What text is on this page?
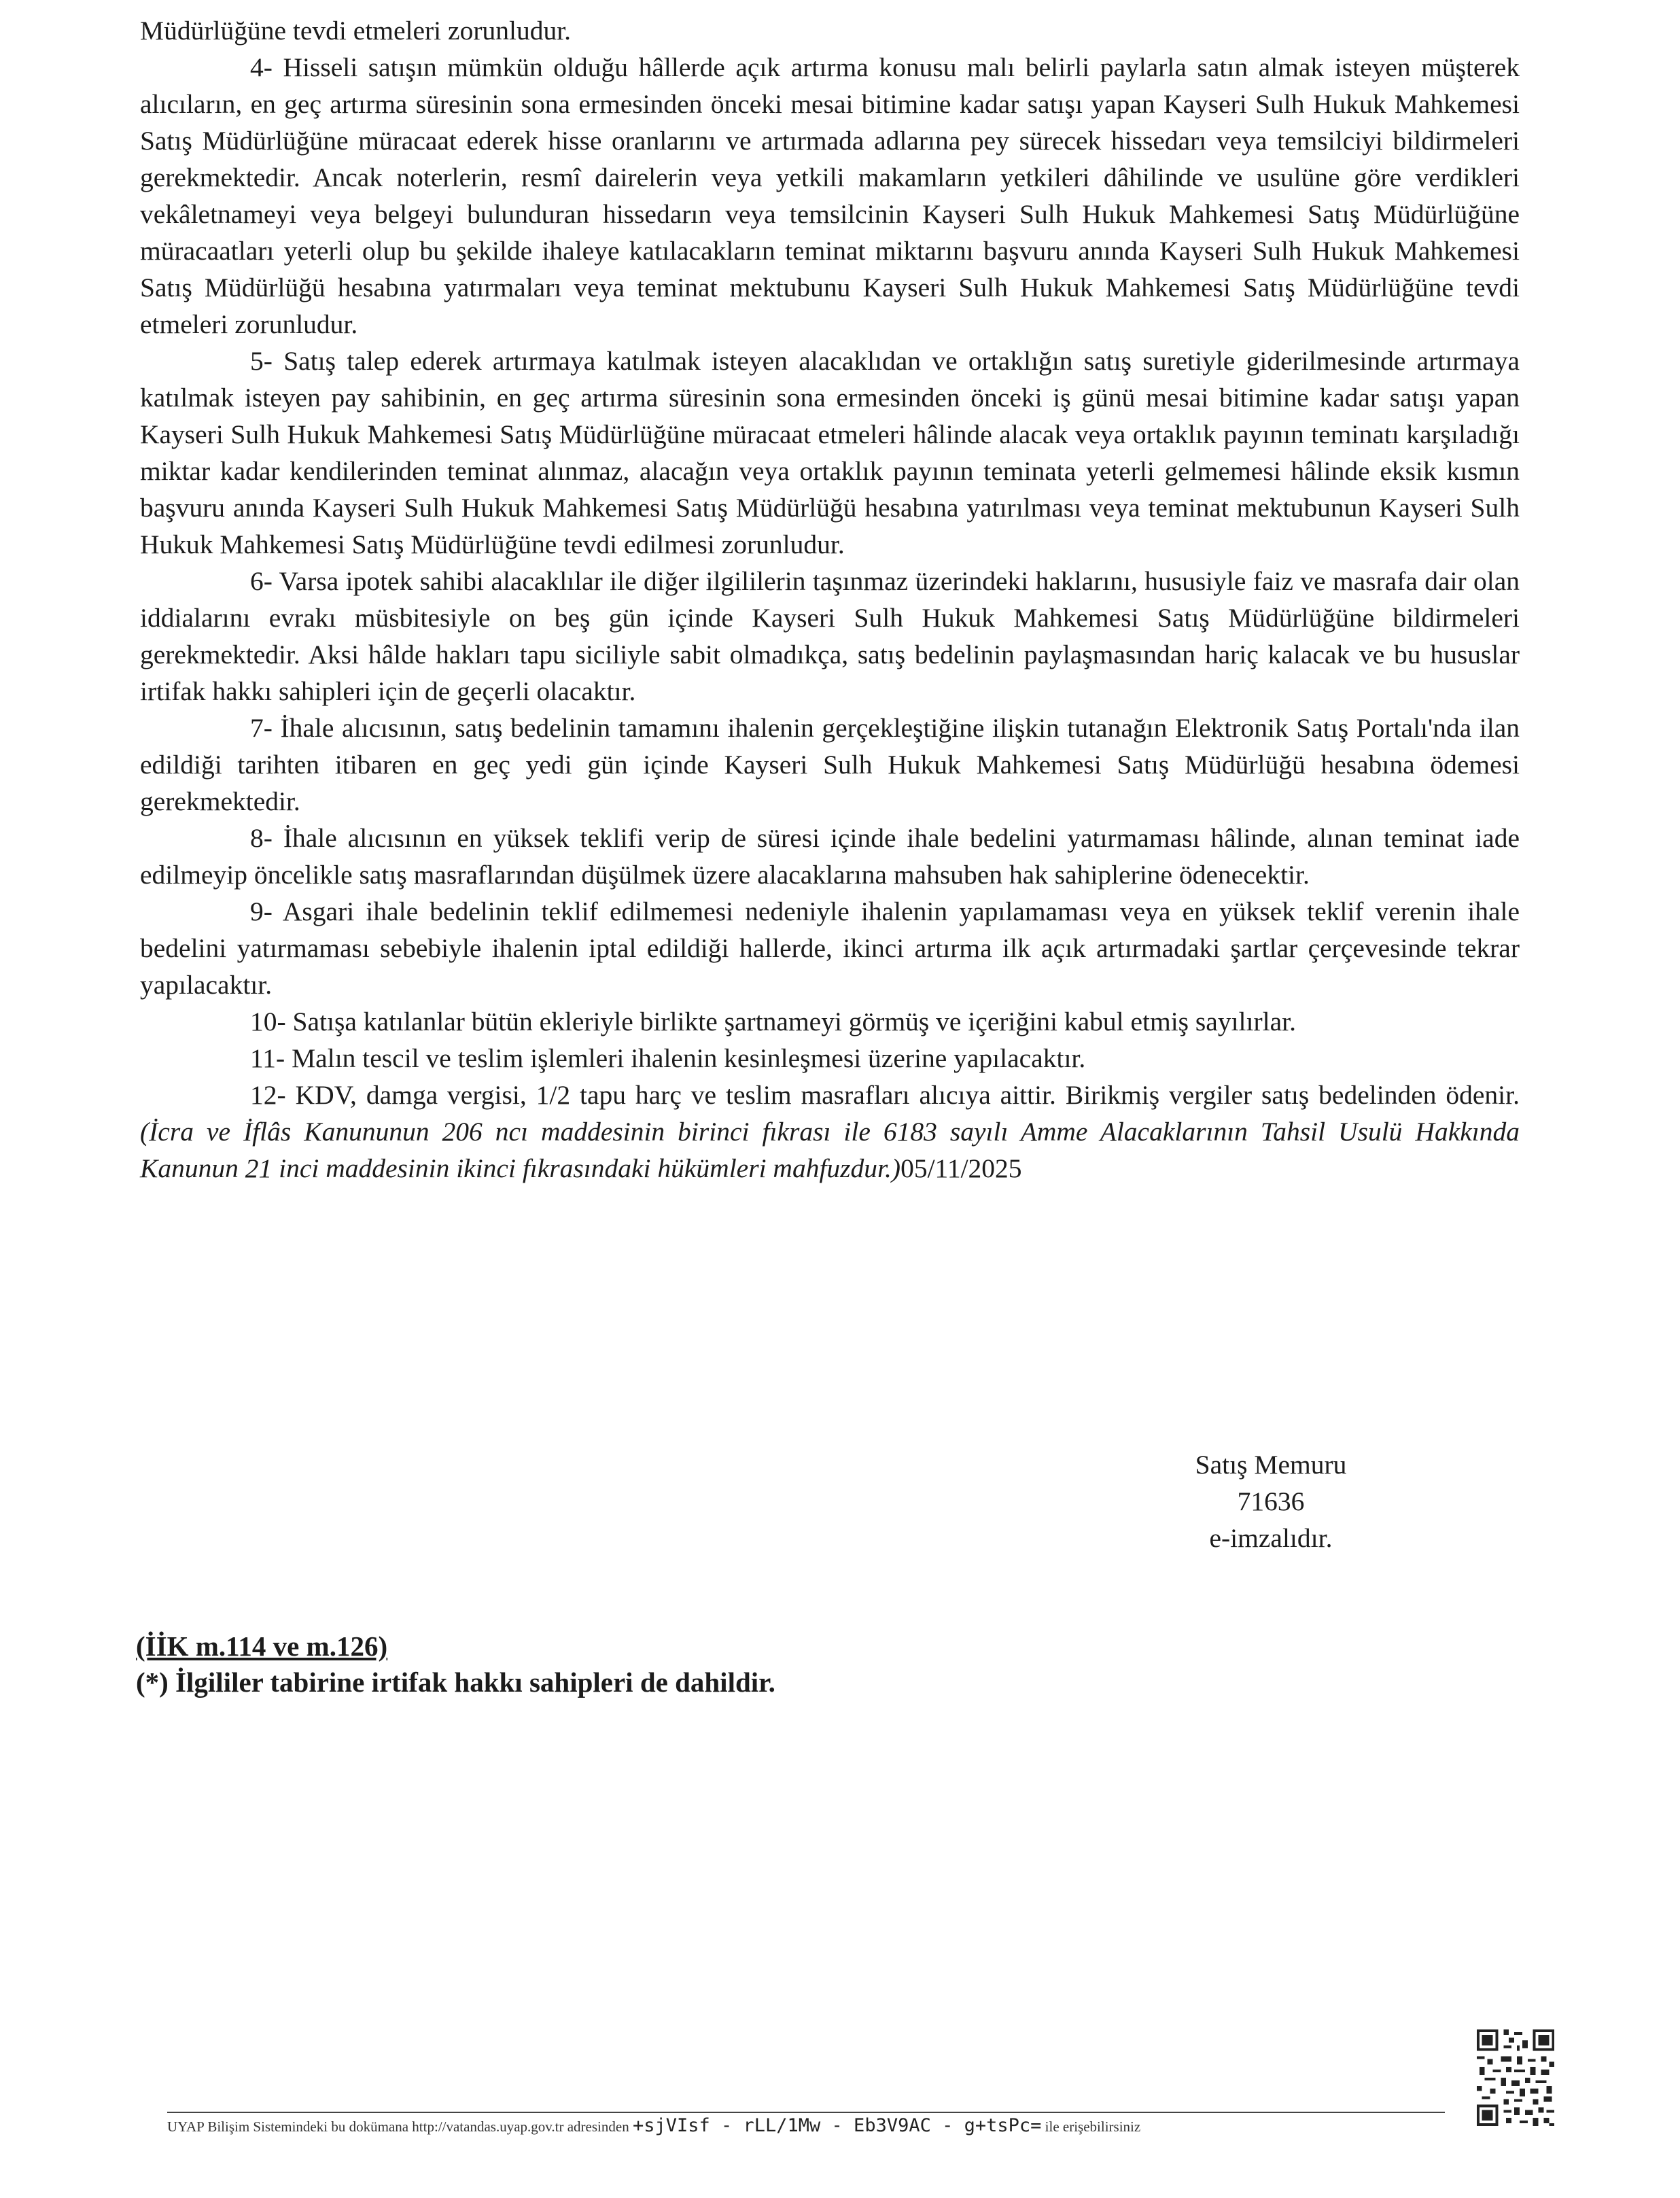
Müdürlüğüne tevdi etmeleri zorunludur.

4- Hisseli satışın mümkün olduğu hâllerde açık artırma konusu malı belirli paylarla satın almak isteyen müşterek alıcıların, en geç artırma süresinin sona ermesinden önceki mesai bitimine kadar satışı yapan Kayseri Sulh Hukuk Mahkemesi Satış Müdürlüğüne müracaat ederek hisse oranlarını ve artırmada adlarına pey sürecek hissedarı veya temsilciyi bildirmeleri gerekmektedir. Ancak noterlerin, resmî dairelerin veya yetkili makamların yetkileri dâhilinde ve usulüne göre verdikleri vekâletnameyi veya belgeyi bulunduran hissedarın veya temsilcinin Kayseri Sulh Hukuk Mahkemesi Satış Müdürlüğüne müracaatları yeterli olup bu şekilde ihaleye katılacakların teminat miktarını başvuru anında Kayseri Sulh Hukuk Mahkemesi Satış Müdürlüğü hesabına yatırmaları veya teminat mektubunu Kayseri Sulh Hukuk Mahkemesi Satış Müdürlüğüne tevdi etmeleri zorunludur.

5- Satış talep ederek artırmaya katılmak isteyen alacaklıdan ve ortaklığın satış suretiyle giderilmesinde artırmaya katılmak isteyen pay sahibinin, en geç artırma süresinin sona ermesinden önceki iş günü mesai bitimine kadar satışı yapan Kayseri Sulh Hukuk Mahkemesi Satış Müdürlüğüne müracaat etmeleri hâlinde alacak veya ortaklık payının teminatı karşıladığı miktar kadar kendilerinden teminat alınmaz, alacağın veya ortaklık payının teminata yeterli gelmemesi hâlinde eksik kısmın başvuru anında Kayseri Sulh Hukuk Mahkemesi Satış Müdürlüğü hesabına yatırılması veya teminat mektubunun Kayseri Sulh Hukuk Mahkemesi Satış Müdürlüğüne tevdi edilmesi zorunludur.

6- Varsa ipotek sahibi alacaklılar ile diğer ilgililerin taşınmaz üzerindeki haklarını, hususiyle faiz ve masrafa dair olan iddialarını evrakı müsbitesiyle on beş gün içinde Kayseri Sulh Hukuk Mahkemesi Satış Müdürlüğüne bildirmeleri gerekmektedir. Aksi hâlde hakları tapu siciliyle sabit olmadıkça, satış bedelinin paylaşmasından hariç kalacak ve bu hususlar irtifak hakkı sahipleri için de geçerli olacaktır.

7- İhale alıcısının, satış bedelinin tamamını ihalenin gerçekleştiğine ilişkin tutanağın Elektronik Satış Portalı'nda ilan edildiği tarihten itibaren en geç yedi gün içinde Kayseri Sulh Hukuk Mahkemesi Satış Müdürlüğü hesabına ödemesi gerekmektedir.

8- İhale alıcısının en yüksek teklifi verip de süresi içinde ihale bedelini yatırmaması hâlinde, alınan teminat iade edilmeyip öncelikle satış masraflarından düşülmek üzere alacaklarına mahsuben hak sahiplerine ödenecektir.

9- Asgari ihale bedelinin teklif edilmemesi nedeniyle ihalenin yapılamaması veya en yüksek teklif verenin ihale bedelini yatırmaması sebebiyle ihalenin iptal edildiği hallerde, ikinci artırma ilk açık artırmadaki şartlar çerçevesinde tekrar yapılacaktır.

10- Satışa katılanlar bütün ekleriyle birlikte şartnameyi görmüş ve içeriğini kabul etmiş sayılırlar.

11- Malın tescil ve teslim işlemleri ihalenin kesinleşmesi üzerine yapılacaktır.

12- KDV, damga vergisi, 1/2 tapu harç ve teslim masrafları alıcıya aittir. Birikmiş vergiler satış bedelinden ödenir. (İcra ve İflâs Kanununun 206 ncı maddesinin birinci fıkrası ile 6183 sayılı Amme Alacaklarının Tahsil Usulü Hakkında Kanunun 21 inci maddesinin ikinci fıkrasındaki hükümleri mahfuzdur.)05/11/2025

Satış Memuru
71636
e-imzalıdır.
(İİK m.114 ve m.126)
(*) İlgililer tabirine irtifak hakkı sahipleri de dahildir.
UYAP Bilişim Sistemindeki bu dokümana http://vatandas.uyap.gov.tr adresinden +sjVIsf - rLL/1Mw - Eb3V9AC - g+tsPc= ile erişebilirsiniz
